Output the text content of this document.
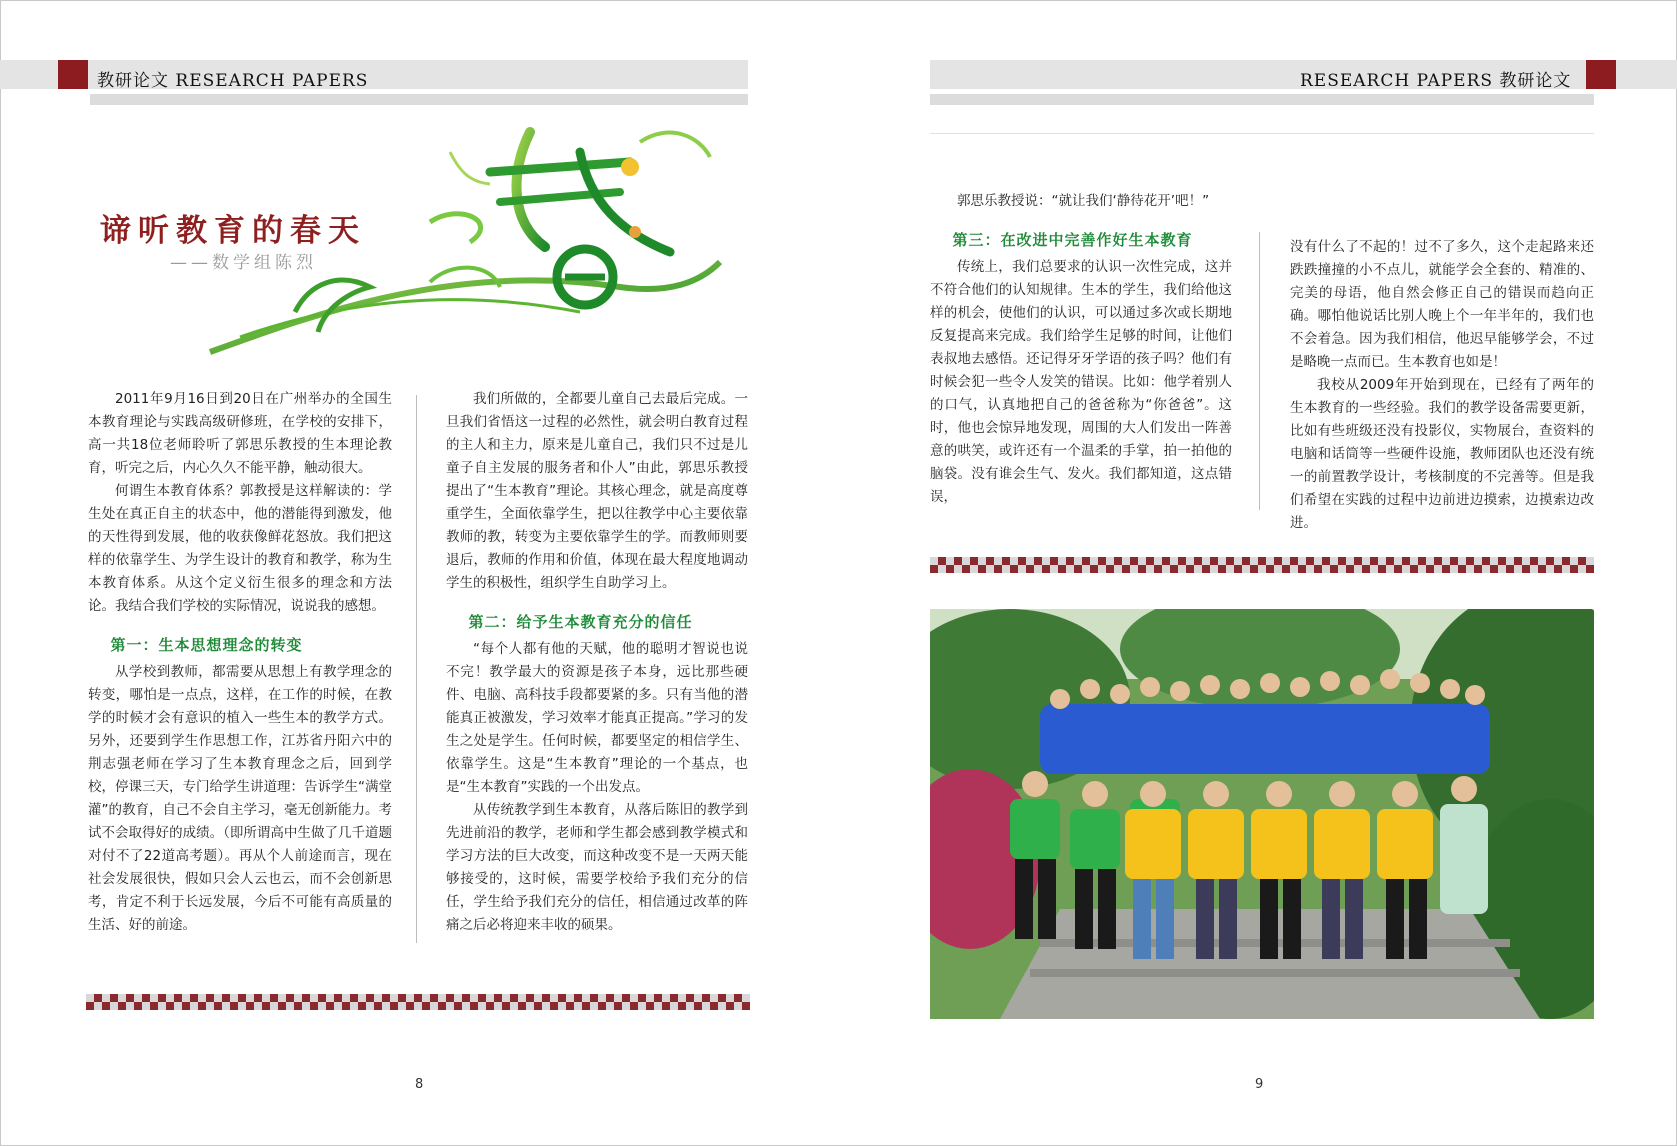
教研论文 RESEARCH PAPERS	RESEARCH PAPERS 教研论文
谛听教育的春天
——数学组陈烈

2011年9月16日到20日在广州举办的全国生本教育理论与实践高级研修班，在学校的安排下，高一共18位老师聆听了郭思乐教授的生本理论教育，听完之后，内心久久不能平静，触动很大。

何谓生本教育体系？郭教授是这样解读的：学生处在真正自主的状态中，他的潜能得到激发，他的天性得到发展，他的收获像鲜花怒放。我们把这样的依靠学生、为学生设计的教育和教学，称为生本教育体系。从这个定义衍生很多的理念和方法论。我结合我们学校的实际情况，说说我的感想。

第一：生本思想理念的转变

从学校到教师，都需要从思想上有教学理念的转变，哪怕是一点点，这样，在工作的时候，在教学的时候才会有意识的植入一些生本的教学方式。另外，还要到学生作思想工作，江苏省丹阳六中的荆志强老师在学习了生本教育理念之后，回到学校，停课三天，专门给学生讲道理：告诉学生“满堂灌”的教育，自己不会自主学习，毫无创新能力。考试不会取得好的成绩。（即所谓高中生做了几千道题对付不了22道高考题）。再从个人前途而言，现在社会发展很快，假如只会人云也云，而不会创新思考，肯定不利于长远发展，今后不可能有高质量的生活、好的前途。

我们所做的，全都要儿童自己去最后完成。一旦我们省悟这一过程的必然性，就会明白教育过程的主人和主力，原来是儿童自己，我们只不过是儿童子自主发展的服务者和仆人”由此，郭思乐教授提出了“生本教育”理论。其核心理念，就是高度尊重学生，全面依靠学生，把以往教学中心主要依靠教师的教，转变为主要依靠学生的学。而教师则要退后，教师的作用和价值，体现在最大程度地调动学生的积极性，组织学生自助学习上。

第二：给予生本教育充分的信任

“每个人都有他的天赋，他的聪明才智说也说不完！教学最大的资源是孩子本身，远比那些硬件、电脑、高科技手段都要紧的多。只有当他的潜能真正被激发，学习效率才能真正提高。”学习的发生之处是学生。任何时候，都要坚定的相信学生、依靠学生。这是“生本教育”理论的一个基点，也是“生本教育”实践的一个出发点。

从传统教学到生本教育，从落后陈旧的教学到先进前沿的教学，老师和学生都会感到教学模式和学习方法的巨大改变，而这种改变不是一天两天能够接受的，这时候，需要学校给予我们充分的信任，学生给予我们充分的信任，相信通过改革的阵痛之后必将迎来丰收的硕果。

8

郭思乐教授说：“就让我们‘静待花开’吧！”

第三：在改进中完善作好生本教育

传统上，我们总要求的认识一次性完成，这并不符合他们的认知规律。生本的学生，我们给他这样的机会，使他们的认识，可以通过多次或长期地反复提高来完成。我们给学生足够的时间，让他们表叔地去感悟。还记得牙牙学语的孩子吗？他们有时候会犯一些令人发笑的错误。比如：他学着别人的口气，认真地把自己的爸爸称为“你爸爸”。这时，他也会惊异地发现，周围的大人们发出一阵善意的哄笑，或许还有一个温柔的手掌，拍一拍他的脑袋。没有谁会生气、发火。我们都知道，这点错误，

没有什么了不起的！过不了多久，这个走起路来还跌跌撞撞的小不点儿，就能学会全套的、精准的、完美的母语，他自然会修正自己的错误而趋向正确。哪怕他说话比别人晚上个一年半年的，我们也不会着急。因为我们相信，他迟早能够学会，不过是略晚一点而已。生本教育也如是！

我校从2009年开始到现在，已经有了两年的生本教育的一些经验。我们的教学设备需要更新，比如有些班级还没有投影仪，实物展台，查资料的电脑和话筒等一些硬件设施，教师团队也还没有统一的前置教学设计，考核制度的不完善等。但是我们希望在实践的过程中边前进边摸索，边摸索边改进。

9
